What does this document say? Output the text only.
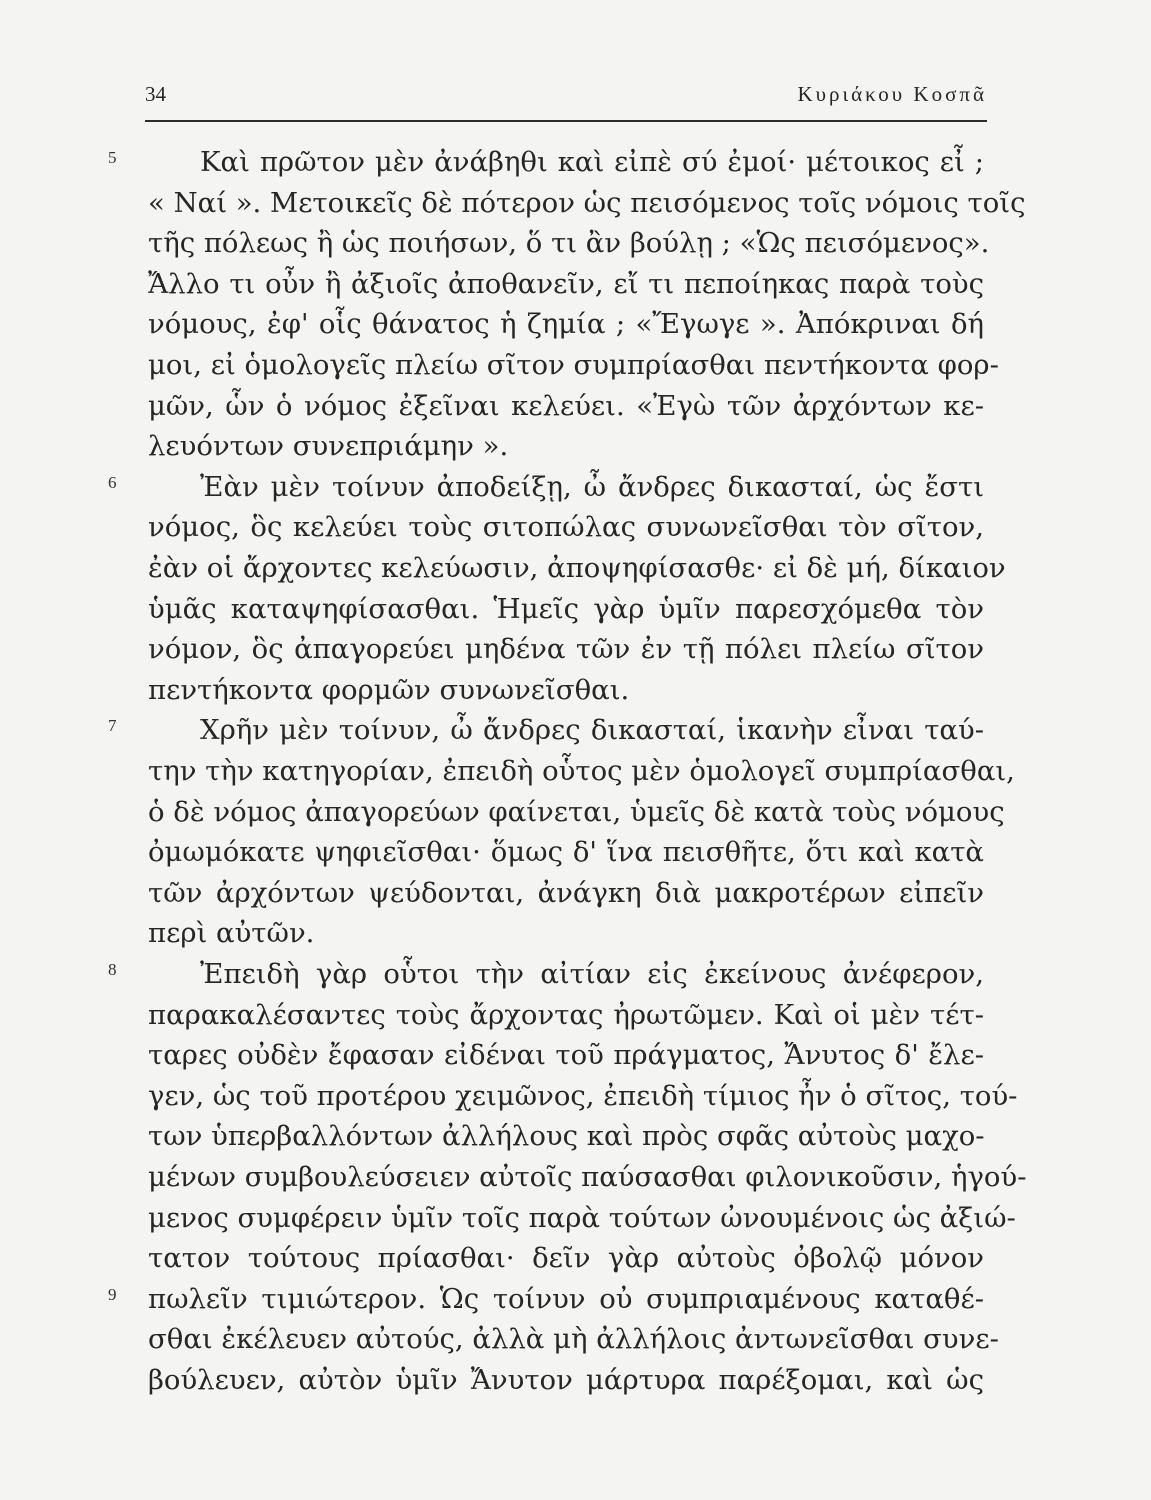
34	Κυριάκου Κοσπᾶ
5
6
7
8
9
Καὶ πρῶτον μὲν ἀνάβηθι καὶ εἰπὲ σύ ἐμοί· μέτοικος εἶ ;
« Ναί ». Μετοικεῖς δὲ πότερον ὡς πεισόμενος τοῖς νόμοις τοῖς
τῆς πόλεως ἢ ὡς ποιήσων, ὅ τι ἂν βούλῃ ; «Ὡς πεισόμενος».
Ἄλλο τι οὖν ἢ ἀξιοῖς ἀποθανεῖν, εἴ τι πεποίηκας παρὰ τοὺς
νόμους, ἐφ' οἷς θάνατος ἡ ζημία ; «Ἔγωγε ». Ἀπόκριναι δή
μοι, εἰ ὁμολογεῖς πλείω σῖτον συμπρίασθαι πεντήκοντα φορ-
μῶν, ὧν ὁ νόμος ἐξεῖναι κελεύει. «Ἐγὼ τῶν ἀρχόντων κε-
λευόντων συνεπριάμην ».
Ἐὰν μὲν τοίνυν ἀποδείξῃ, ὦ ἄνδρες δικασταί, ὡς ἔστι
νόμος, ὃς κελεύει τοὺς σιτοπώλας συνωνεῖσθαι τὸν σῖτον,
ἐὰν οἱ ἄρχοντες κελεύωσιν, ἀποψηφίσασθε· εἰ δὲ μή, δίκαιον
ὑμᾶς καταψηφίσασθαι. Ἡμεῖς γὰρ ὑμῖν παρεσχόμεθα τὸν
νόμον, ὃς ἀπαγορεύει μηδένα τῶν ἐν τῇ πόλει πλείω σῖτον
πεντήκοντα φορμῶν συνωνεῖσθαι.
Χρῆν μὲν τοίνυν, ὦ ἄνδρες δικασταί, ἱκανὴν εἶναι ταύ-
την τὴν κατηγορίαν, ἐπειδὴ οὗτος μὲν ὁμολογεῖ συμπρίασθαι,
ὁ δὲ νόμος ἀπαγορεύων φαίνεται, ὑμεῖς δὲ κατὰ τοὺς νόμους
ὀμωμόκατε ψηφιεῖσθαι· ὅμως δ' ἵνα πεισθῆτε, ὅτι καὶ κατὰ
τῶν ἀρχόντων ψεύδονται, ἀνάγκη διὰ μακροτέρων εἰπεῖν
περὶ αὐτῶν.
Ἐπειδὴ γὰρ οὗτοι τὴν αἰτίαν εἰς ἐκείνους ἀνέφερον,
παρακαλέσαντες τοὺς ἄρχοντας ἠρωτῶμεν. Καὶ οἱ μὲν τέτ-
ταρες οὐδὲν ἔφασαν εἰδέναι τοῦ πράγματος, Ἄνυτος δ' ἔλε-
γεν, ὡς τοῦ προτέρου χειμῶνος, ἐπειδὴ τίμιος ἦν ὁ σῖτος, τού-
των ὑπερβαλλόντων ἀλλήλους καὶ πρὸς σφᾶς αὐτοὺς μαχο-
μένων συμβουλεύσειεν αὐτοῖς παύσασθαι φιλονικοῦσιν, ἡγού-
μενος συμφέρειν ὑμῖν τοῖς παρὰ τούτων ὠνουμένοις ὡς ἀξιώ-
τατον τούτους πρίασθαι· δεῖν γὰρ αὐτοὺς ὀβολῷ μόνον
πωλεῖν τιμιώτερον. Ὡς τοίνυν οὐ συμπριαμένους καταθέ-
σθαι ἐκέλευεν αὐτούς, ἀλλὰ μὴ ἀλλήλοις ἀντωνεῖσθαι συνε-
βούλευεν, αὐτὸν ὑμῖν Ἄνυτον μάρτυρα παρέξομαι, καὶ ὡς
